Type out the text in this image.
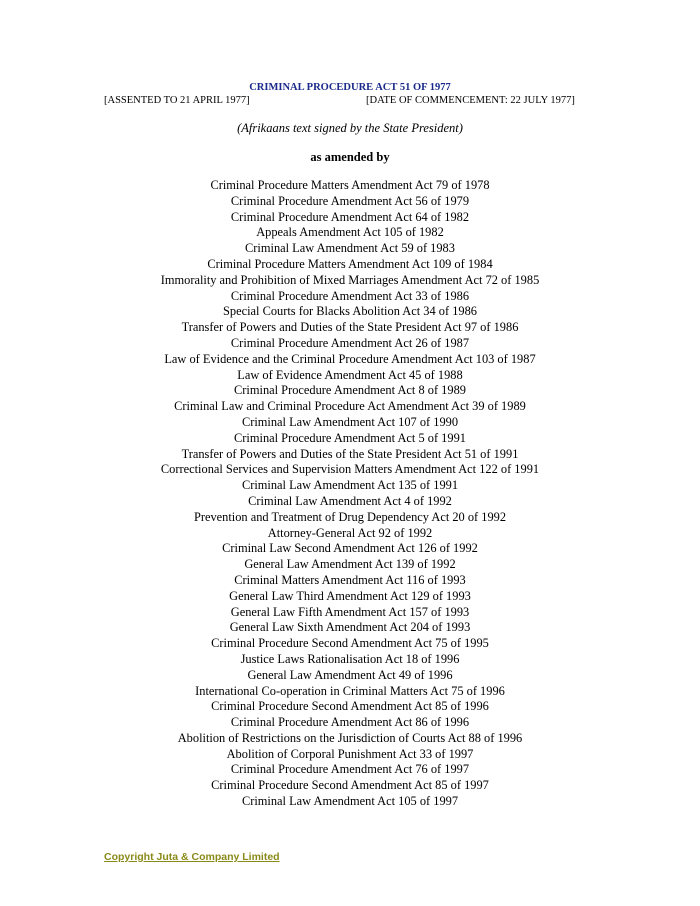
CRIMINAL PROCEDURE ACT 51 OF 1977
[ASSENTED TO 21 APRIL 1977]	[DATE OF COMMENCEMENT: 22 JULY 1977]
(Afrikaans text signed by the State President)
as amended by
Criminal Procedure Matters Amendment Act 79 of 1978
Criminal Procedure Amendment Act 56 of 1979
Criminal Procedure Amendment Act 64 of 1982
Appeals Amendment Act 105 of 1982
Criminal Law Amendment Act 59 of 1983
Criminal Procedure Matters Amendment Act 109 of 1984
Immorality and Prohibition of Mixed Marriages Amendment Act 72 of 1985
Criminal Procedure Amendment Act 33 of 1986
Special Courts for Blacks Abolition Act 34 of 1986
Transfer of Powers and Duties of the State President Act 97 of 1986
Criminal Procedure Amendment Act 26 of 1987
Law of Evidence and the Criminal Procedure Amendment Act 103 of 1987
Law of Evidence Amendment Act 45 of 1988
Criminal Procedure Amendment Act 8 of 1989
Criminal Law and Criminal Procedure Act Amendment Act 39 of 1989
Criminal Law Amendment Act 107 of 1990
Criminal Procedure Amendment Act 5 of 1991
Transfer of Powers and Duties of the State President Act 51 of 1991
Correctional Services and Supervision Matters Amendment Act 122 of 1991
Criminal Law Amendment Act 135 of 1991
Criminal Law Amendment Act 4 of 1992
Prevention and Treatment of Drug Dependency Act 20 of 1992
Attorney-General Act 92 of 1992
Criminal Law Second Amendment Act 126 of 1992
General Law Amendment Act 139 of 1992
Criminal Matters Amendment Act 116 of 1993
General Law Third Amendment Act 129 of 1993
General Law Fifth Amendment Act 157 of 1993
General Law Sixth Amendment Act 204 of 1993
Criminal Procedure Second Amendment Act 75 of 1995
Justice Laws Rationalisation Act 18 of 1996
General Law Amendment Act 49 of 1996
International Co-operation in Criminal Matters Act 75 of 1996
Criminal Procedure Second Amendment Act 85 of 1996
Criminal Procedure Amendment Act 86 of 1996
Abolition of Restrictions on the Jurisdiction of Courts Act 88 of 1996
Abolition of Corporal Punishment Act 33 of 1997
Criminal Procedure Amendment Act 76 of 1997
Criminal Procedure Second Amendment Act 85 of 1997
Criminal Law Amendment Act 105 of 1997
Copyright Juta & Company Limited
